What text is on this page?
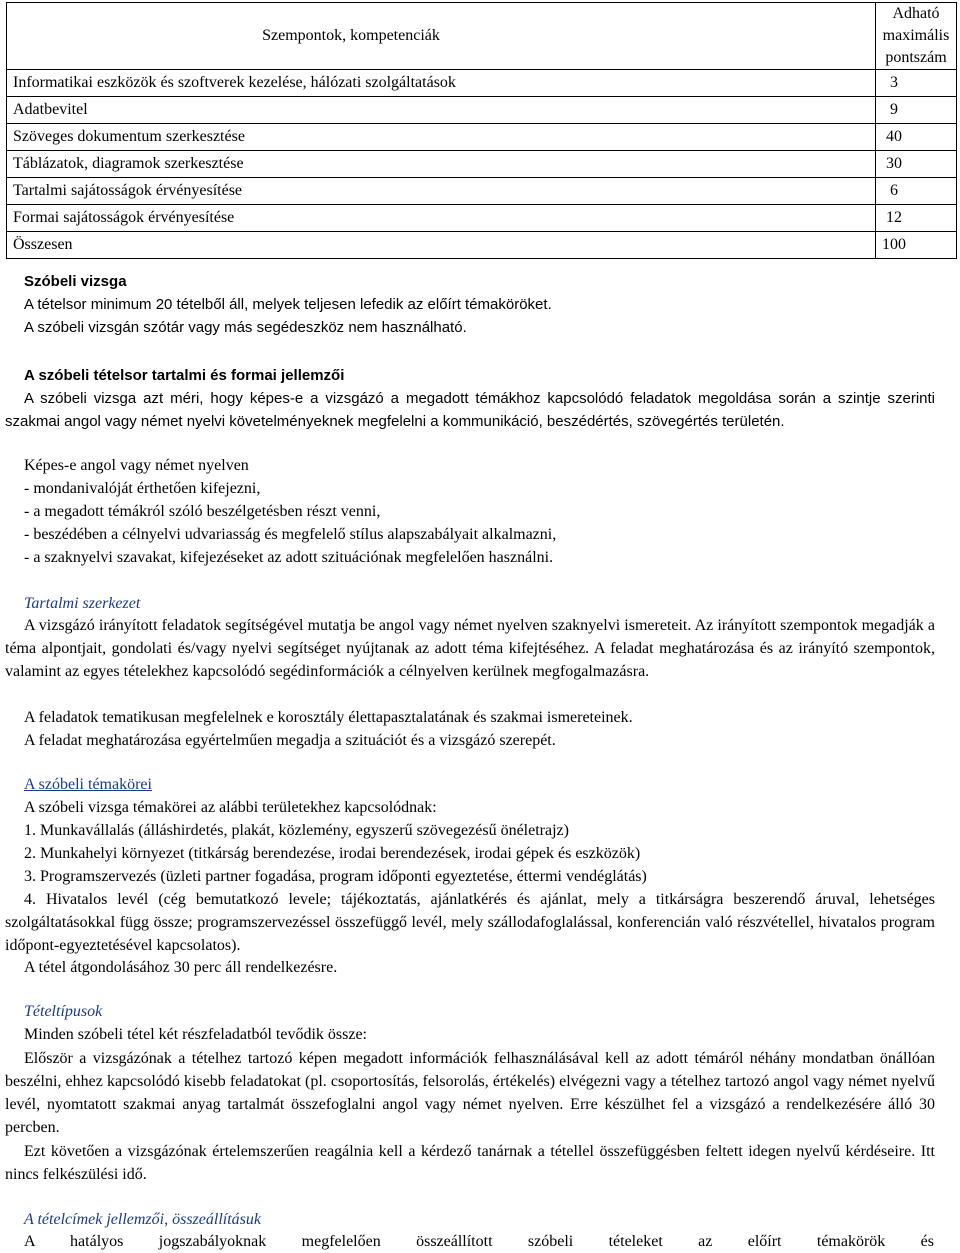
Szempontok, kompetenciák	Adható maximális
pontszám

Informatikai eszközök és szoftverek kezelése, hálózati szolgáltatások	3
Adatbevitel	9
Szöveges dokumentum szerkesztése	40
Táblázatok, diagramok szerkesztése	30
Tartalmi sajátosságok érvényesítése	6
Formai sajátosságok érvényesítése	12
Összesen	100

Szóbeli vizsga

A tételsor minimum 20 tételből áll, melyek teljesen lefedik az előírt témaköröket.

A szóbeli vizsgán szótár vagy más segédeszköz nem használható.

A szóbeli tételsor tartalmi és formai jellemzői

A szóbeli vizsga azt méri, hogy képes-e a vizsgázó a megadott témákhoz kapcsolódó feladatok megoldása során a szintje szerinti szakmai angol vagy német nyelvi követelményeknek megfelelni a kommunikáció, beszédértés, szövegértés területén.

Képes-e angol vagy német nyelven

- mondanivalóját érthetően kifejezni,

- a megadott témákról szóló beszélgetésben részt venni,

- beszédében a célnyelvi udvariasság és megfelelő stílus alapszabályait alkalmazni,

- a szaknyelvi szavakat, kifejezéseket az adott szituációnak megfelelően használni.

Tartalmi szerkezet
A vizsgázó irányított feladatok segítségével mutatja be angol vagy német nyelven szaknyelvi ismereteit. Az irányított szempontok megadják a téma alpontjait, gondolati és/vagy nyelvi segítséget nyújtanak az adott téma kifejtéséhez. A feladat meghatározása és az irányító szempontok, valamint az egyes tételekhez kapcsolódó segédinformációk a célnyelven kerülnek megfogalmazásra.

A feladatok tematikusan megfelelnek e korosztály élettapasztalatának és szakmai ismereteinek.

A feladat meghatározása egyértelműen megadja a szituációt és a vizsgázó szerepét.

A szóbeli témakörei

A szóbeli vizsga témakörei az alábbi területekhez kapcsolódnak:

1. Munkavállalás (álláshirdetés, plakát, közlemény, egyszerű szövegezésű önéletrajz)

2. Munkahelyi környezet (titkárság berendezése, irodai berendezések, irodai gépek és eszközök)

3. Programszervezés (üzleti partner fogadása, program időponti egyeztetése, éttermi vendéglátás)

4. Hivatalos levél (cég bemutatkozó levele; tájékoztatás, ajánlatkérés és ajánlat, mely a titkárságra beszerendő áruval, lehetséges szolgáltatásokkal függ össze; programszervezéssel összefüggő levél, mely szállodafoglalással, konferencián való részvétellel, hivatalos program időpont-egyeztetésével kapcsolatos).
A tétel átgondolásához 30 perc áll rendelkezésre.
Tételtípusok
Minden szóbeli tétel két részfeladatból tevődik össze:
Először a vizsgázónak a tételhez tartozó képen megadott információk felhasználásával kell az adott témáról néhány mondatban önállóan beszélni, ehhez kapcsolódó kisebb feladatokat (pl. csoportosítás, felsorolás, értékelés) elvégezni vagy a tételhez tartozó angol vagy német nyelvű levél, nyomtatott szakmai anyag tartalmát összefoglalni angol vagy német nyelven. Erre készülhet fel a vizsgázó a rendelkezésére álló 30 percben.
Ezt követően a vizsgázónak értelemszerűen reagálnia kell a kérdező tanárnak a tétellel összefüggésben feltett idegen nyelvű kérdéseire. Itt nincs felkészülési idő.
A tételcímek jellemzői, összeállításuk
A hatályos jogszabályoknak megfelelően összeállított szóbeli tételeket az előírt témakörök és
